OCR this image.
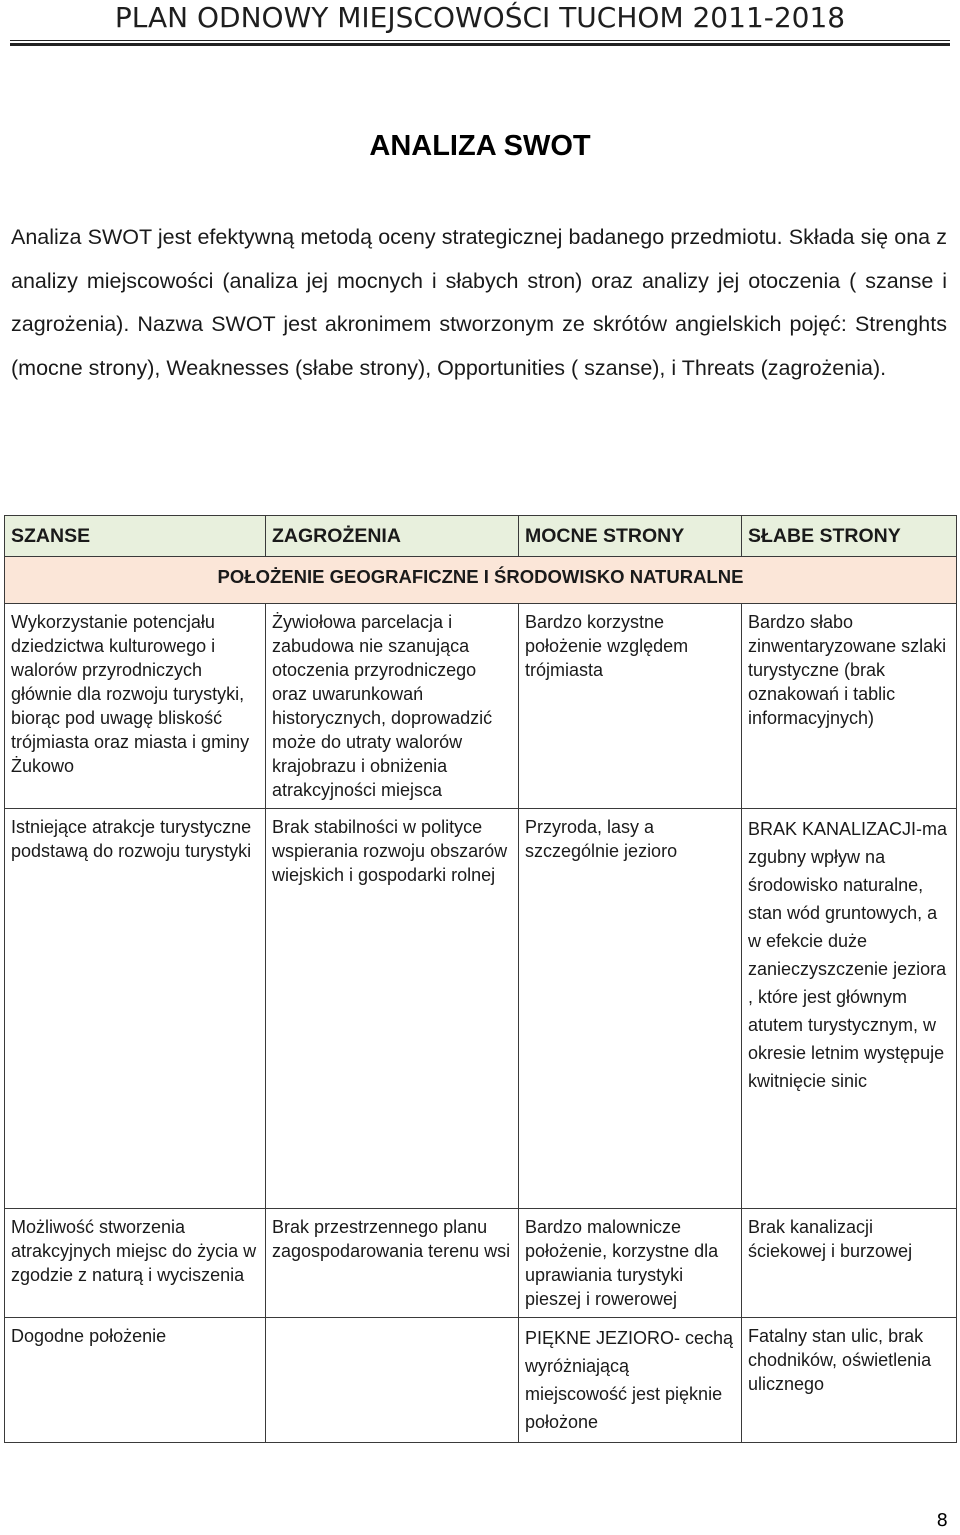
PLAN ODNOWY MIEJSCOWOŚCI TUCHOM 2011-2018
ANALIZA SWOT

Analiza SWOT jest efektywną metodą oceny strategicznej badanego przedmiotu. Składa się ona z analizy miejscowości (analiza jej mocnych i słabych stron) oraz analizy jej otoczenia ( szanse i zagrożenia). Nazwa SWOT jest akronimem stworzonym ze skrótów angielskich pojęć: Strenghts (mocne strony), Weaknesses (słabe strony), Opportunities ( szanse), i Threats (zagrożenia).

SZANSE	ZAGROŻENIA	MOCNE STRONY	SŁABE STRONY
POŁOŻENIE GEOGRAFICZNE I ŚRODOWISKO NATURALNE			
Wykorzystanie potencjału dziedzictwa kulturowego i walorów przyrodniczych głównie dla rozwoju turystyki, biorąc pod uwagę bliskość trójmiasta oraz miasta i gminy Żukowo	Żywiołowa parcelacja i zabudowa nie szanująca otoczenia przyrodniczego oraz uwarunkowań historycznych, doprowadzić może do utraty walorów krajobrazu i obniżenia atrakcyjności miejsca	Bardzo korzystne położenie względem trójmiasta	Bardzo słabo zinwentaryzowane szlaki turystyczne (brak oznakowań i tablic informacyjnych)
Istniejące atrakcje turystyczne podstawą do rozwoju turystyki	Brak stabilności w polityce wspierania rozwoju obszarów wiejskich i gospodarki rolnej	Przyroda, lasy a szczególnie jezioro	BRAK KANALIZACJI-ma zgubny wpływ na środowisko naturalne, stan wód gruntowych, a w efekcie duże zanieczyszczenie jeziora , które jest głównym atutem turystycznym, w okresie letnim występuje kwitnięcie sinic
Możliwość stworzenia atrakcyjnych miejsc do życia w zgodzie z naturą i wyciszenia	Brak przestrzennego planu zagospodarowania terenu wsi	Bardzo malownicze położenie, korzystne dla uprawiania turystyki pieszej i rowerowej	Brak kanalizacji ściekowej i burzowej
Dogodne położenie		PIĘKNE JEZIORO- cechą wyróżniającą miejscowość jest pięknie położone	Fatalny stan ulic, brak chodników, oświetlenia ulicznego
8
